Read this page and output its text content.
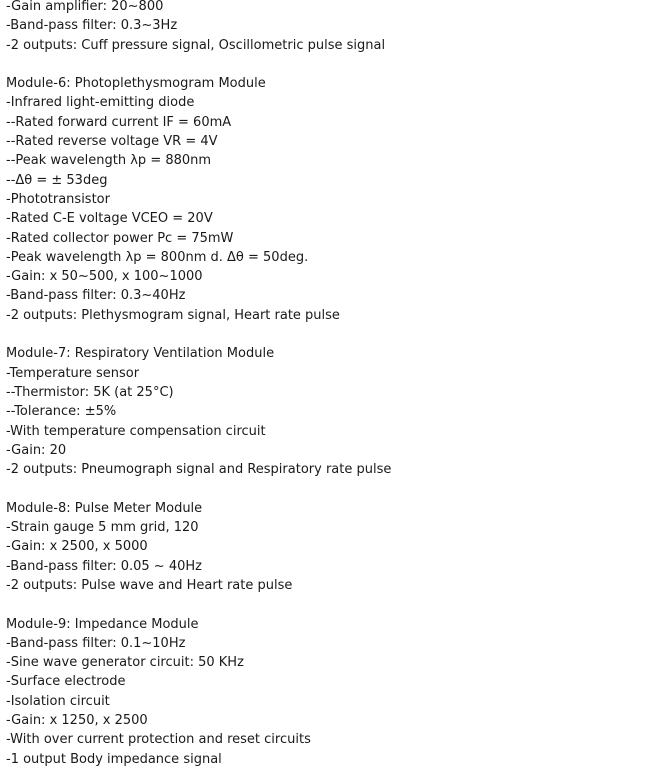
-Gain amplifier: 20~800
-Band-pass filter: 0.3~3Hz
-2 outputs: Cuff pressure signal, Oscillometric pulse signal
Module-6: Photoplethysmogram Module
-Infrared light-emitting diode
--Rated forward current IF = 60mA
--Rated reverse voltage VR = 4V
--Peak wavelength λp = 880nm
--Δθ = ± 53deg
-Phototransistor
-Rated C-E voltage VCEO = 20V
-Rated collector power Pc = 75mW
-Peak wavelength λp = 800nm d. Δθ = 50deg.
-Gain: x 50~500, x 100~1000
-Band-pass filter: 0.3~40Hz
-2 outputs: Plethysmogram signal, Heart rate pulse
Module-7: Respiratory Ventilation Module
-Temperature sensor
--Thermistor: 5K (at 25°C)
--Tolerance: ±5%
-With temperature compensation circuit
-Gain: 20
-2 outputs: Pneumograph signal and Respiratory rate pulse
Module-8: Pulse Meter Module
-Strain gauge 5 mm grid, 120
-Gain: x 2500, x 5000
-Band-pass filter: 0.05 ~ 40Hz
-2 outputs: Pulse wave and Heart rate pulse
Module-9: Impedance Module
-Band-pass filter: 0.1~10Hz
-Sine wave generator circuit: 50 KHz
-Surface electrode
-Isolation circuit
-Gain: x 1250, x 2500
-With over current protection and reset circuits
-1 output Body impedance signal
